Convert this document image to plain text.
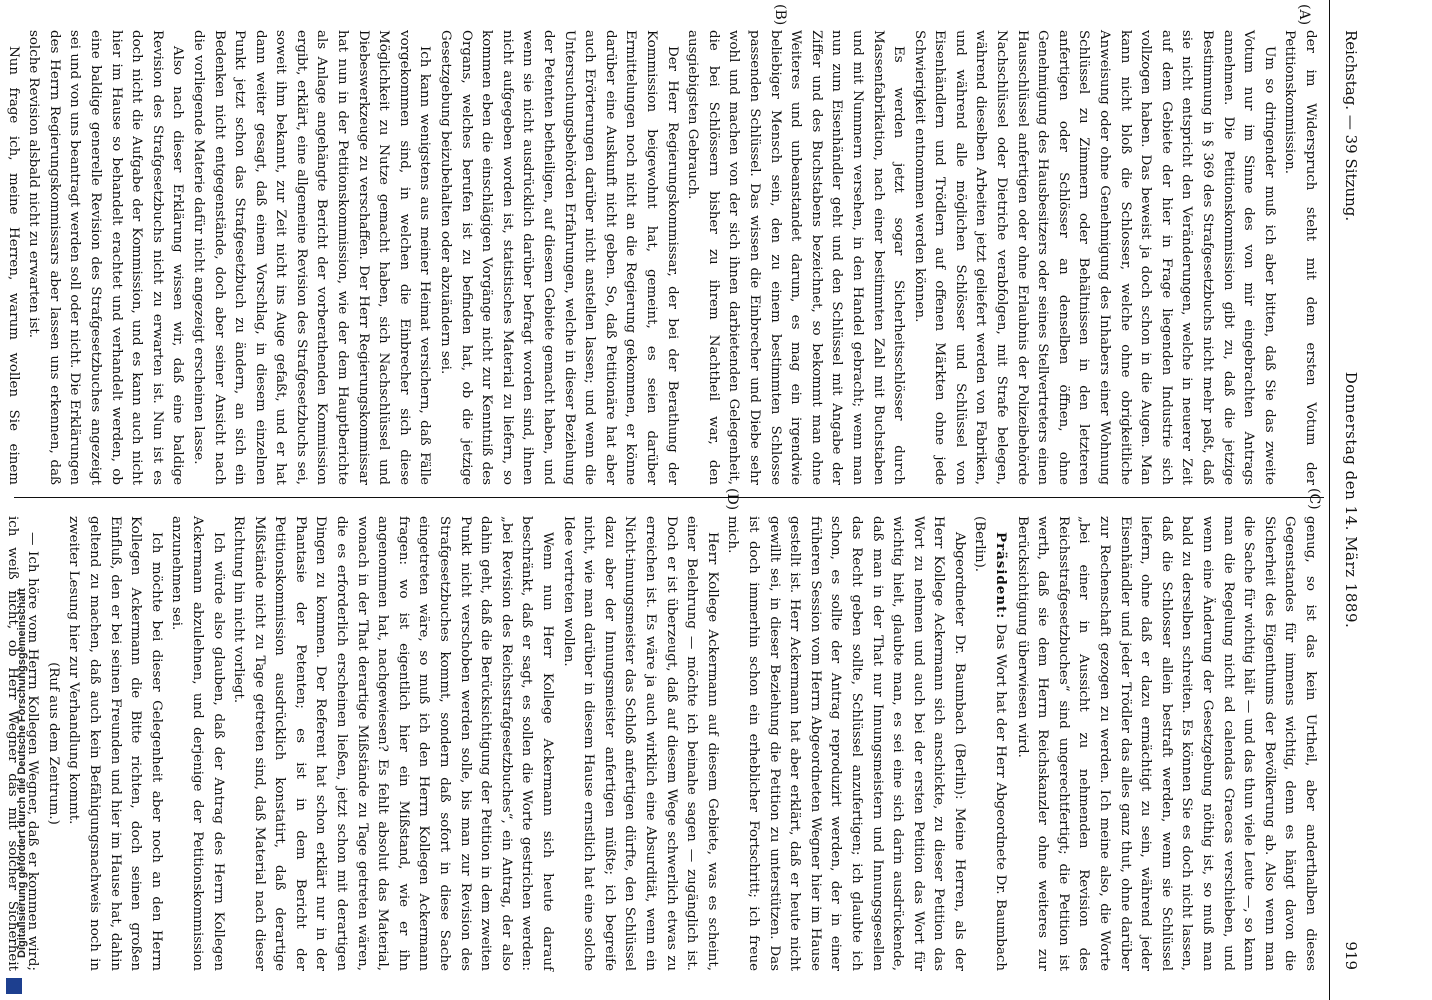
Reichstag. — 39 Sitzung.
Donnerstag den 14. März 1889.
919
(A)
(B)
(C)
(D)

der im Widerspruch steht mit dem ersten Votum der Petitionskommission.

Um so dringender muß ich aber bitten, daß Sie das zweite Votum nur im Sinne des von mir eingebrachten Antrags annehmen. Die Petitionskommission gibt zu, daß die jetzige Bestimmung in § 369 des Strafgesetzbuchs nicht mehr paßt, daß sie nicht entspricht den Veränderungen, welche in neuerer Zeit auf dem Gebiete der hier in Frage liegenden Industrie sich vollzogen haben. Das beweist ja doch schon in die Augen. Man kann nicht bloß die Schlosser, welche ohne obrigkeitliche Anweisung oder ohne Genehmigung des Inhabers einer Wohnung Schlüssel zu Zimmern oder Behältnissen in den letzteren anfertigen oder Schlösser an denselben öffnen, ohne Genehmigung des Hausbesitzers oder seines Stellvertreters einen Hausschlüssel anfertigen oder ohne Erlaubnis der Polizeibehörde Nachschlüssel oder Dietriche verabfolgen, mit Strafe belegen, während dieselben Arbeiten jetzt geliefert werden von Fabriken, und während alle möglichen Schlösser und Schlüssel von Eisenhändlern und Trödlern auf offenen Märkten ohne jede Schwierigkeit entnommen werden können.

Es werden jetzt sogar Sicherheitsschlösser durch Massenfabrikation, nach einer bestimmten Zahl mit Buchstaben und mit Nummern versehen, in den Handel gebracht; wenn man nun zum Eisenhändler geht und den Schlüssel mit Angabe der Ziffer und des Buchstabens bezeichnet, so bekommt man ohne Weiteres und unbeanstandet darum, es mag ein irgendwie beliebiger Mensch sein, den zu einem bestimmten Schlosse passenden Schlüssel. Das wissen die Einbrecher und Diebe sehr wohl und machen von der sich ihnen darbietenden Gelegenheit, die bei Schlössern bisher zu ihrem Nachtheil war, den ausgiebigsten Gebrauch.

Der Herr Regierungskommissar, der bei der Berathung der Kommission beigewohnt hat, gemeint, es seien darüber Ermittelungen noch nicht an die Regierung gekommen, er könne darüber eine Auskunft nicht geben. So, daß Petitionäre hat aber auch Erörterungen darüber nicht anstellen lassen; und wenn die Untersuchungsbehörden Erfahrungen, welche in dieser Beziehung der Petenten betheiligen, auf diesem Gebiete gemacht haben, und wenn sie nicht ausdrücklich darüber befragt worden sind, ihnen nicht aufgegeben worden ist, statistisches Material zu liefern, so kommen eben die einschlägigen Vorgänge nicht zur Kenntniß des Organs, welches berufen ist zu befinden hat, ob die jetzige Gesetzgebung beizubehalten oder abzuändern sei.

Ich kann wenigstens aus meiner Heimat versichern, daß Fälle vorgekommen sind, in welchen die Einbrecher sich diese Möglichkeit zu Nutze gemacht haben, sich Nachschlüssel und Diebeswerkzeuge zu verschaffen. Der Herr Regierungskommissar hat nun in der Petitionskommission, wie der dem Hauptberichte als Anlage angehängte Bericht der vorberathenden Kommission ergibt, erklärt, eine allgemeine Revision des Strafgesetzbuchs sei, soweit ihm bekannt, zur Zeit nicht ins Auge gefaßt, und er hat dann weiter gesagt, daß einem Vorschlag, in diesem einzelnen Punkt jetzt schon das Strafgesetzbuch zu ändern, an sich ein Bedenken nicht entgegenstände, doch aber seiner Ansicht nach die vorliegende Materie dafür nicht angezeigt erscheinen lasse.

Also nach dieser Erklärung wissen wir, daß eine baldige Revision des Strafgesetzbuchs nicht zu erwarten ist. Nun ist es doch nicht die Aufgabe der Kommission, und es kann auch nicht hier im Hause so behandelt erachtet und verhandelt werden, ob eine baldige generelle Revision des Strafgesetzbuches angezeigt sei und von uns beantragt werden soll oder nicht. Die Erklärungen des Herrn Regierungskommissars aber lassen uns erkennen, daß solche Revision alsbald nicht zu erwarten ist.

Nun frage ich, meine Herren, warum wollen Sie einem

genug, so ist das kein Urtheil, aber anderthalben dieses Gegenstandes für immens wichtig, denn es hängt davon die Sicherheit des Eigenthums der Bevölkerung ab. Also wenn man die Sache für wichtig hält — und das thun viele Leute —, so kann man die Regelung nicht ad calendas Graecas verschieben, und wenn eine Änderung der Gesetzgebung nöthig ist, so muß man bald zu derselben schreiten. Es können Sie es doch nicht lassen, daß die Schlosser allein bestraft werden, wenn sie Schlüssel liefern, ohne daß er dazu ermächtigt zu sein, während jeder Eisenhändler und jeder Trödler das alles ganz thut, ohne darüber zur Rechenschaft gezogen zu werden. Ich meine also, die Worte „bei einer in Aussicht zu nehmenden Revision des Reichsstrafgesetzbuches“ sind ungerechtfertigt; die Petition ist werth, daß sie dem Herrn Reichskanzler ohne weiteres zur Berücksichtigung überwiesen wird.

Präsident: Das Wort hat der Herr Abgeordnete Dr. Baumbach (Berlin).

Abgeordneter Dr. Baumbach (Berlin): Meine Herren, als der Herr Kollege Ackermann sich anschickte, zu dieser Petition das Wort zu nehmen und auch bei der ersten Petition das Wort für wichtig hielt, glaubte man, es sei eine sich darin ausdrückende, daß man in der That nur Innungsmeistern und Innungsgesellen das Recht geben sollte, Schlüssel anzufertigen; ich glaubte ich schon, es sollte der Antrag reproduzirt werden, der in einer früheren Session vom Herrn Abgeordneten Wegner hier im Hause gestellt ist. Herr Ackermann hat aber erklärt, daß er heute nicht gewillt sei, in dieser Beziehung die Petition zu unterstützen. Das ist doch immerhin schon ein erheblicher Fortschritt; ich freue mich.

Herr Kollege Ackermann auf diesem Gebiete, was es scheint, einer Belehrung — möchte ich beinahe sagen — zugänglich ist. Doch er ist überzeugt, daß auf diesem Wege schwerlich etwas zu erreichen ist. Es wäre ja auch wirklich eine Absurdität, wenn ein Nicht-innungsmeister das Schloß anfertigen dürfte, den Schlüssel dazu aber der Innungsmeister anfertigen müßte; ich begreife nicht, wie man darüber in diesem Hause ernstlich hat eine solche Idee vertreten wollen.

Wenn nun Herr Kollege Ackermann sich heute darauf beschränkt, daß er sagt, es sollen die Worte gestrichen werden: „bei Revision des Reichsstrafgesetzbuches“, ein Antrag, der also dahin geht, daß die Berücksichtigung der Petition in dem zweiten Punkt nicht verschoben werden solle, bis man zur Revision des Strafgesetzbuches kommt, sondern daß sofort in diese Sache eingetreten wäre, so muß ich den Herrn Kollegen Ackermann fragen: wo ist eigentlich hier ein Mißstand, wie er ihn angenommen hat, nachgewiesen? Es fehlt absolut das Material, wonach in der That derartige Mißstände zu Tage getreten wären, die es erforderlich erscheinen ließen, jetzt schon mit derartigen Dingen zu kommen. Der Referent hat schon erklärt nur in der Phantasie der Petenten; es ist in dem Bericht der Petitionskommission ausdrücklich konstatirt, daß derartige Mißstände nicht zu Tage getreten sind, daß Material nach dieser Richtung hin nicht vorliegt.

Ich würde also glauben, daß der Antrag des Herrn Kollegen Ackermann abzulehnen, und derjenige der Petitionskommission anzunehmen sei.

Ich möchte bei dieser Gelegenheit aber noch an den Herrn Kollegen Ackermann die Bitte richten, doch seinen großen Einfluß, den er bei seinen Freunden und hier im Hause hat, dahin geltend zu machen, daß auch kein Befähigungsnachweis noch in zweiter Lesung hier zur Verhandlung kommt.

(Ruf aus dem Zentrum.)

— Ich höre vom Herrn Kollegen Wegner, daß er kommen wird; ich weiß nicht, ob Herr Wegner das mit solcher Sicherheit

Digitalisierung gefördert durch die Deutsche Forschungsgemeinschaft
